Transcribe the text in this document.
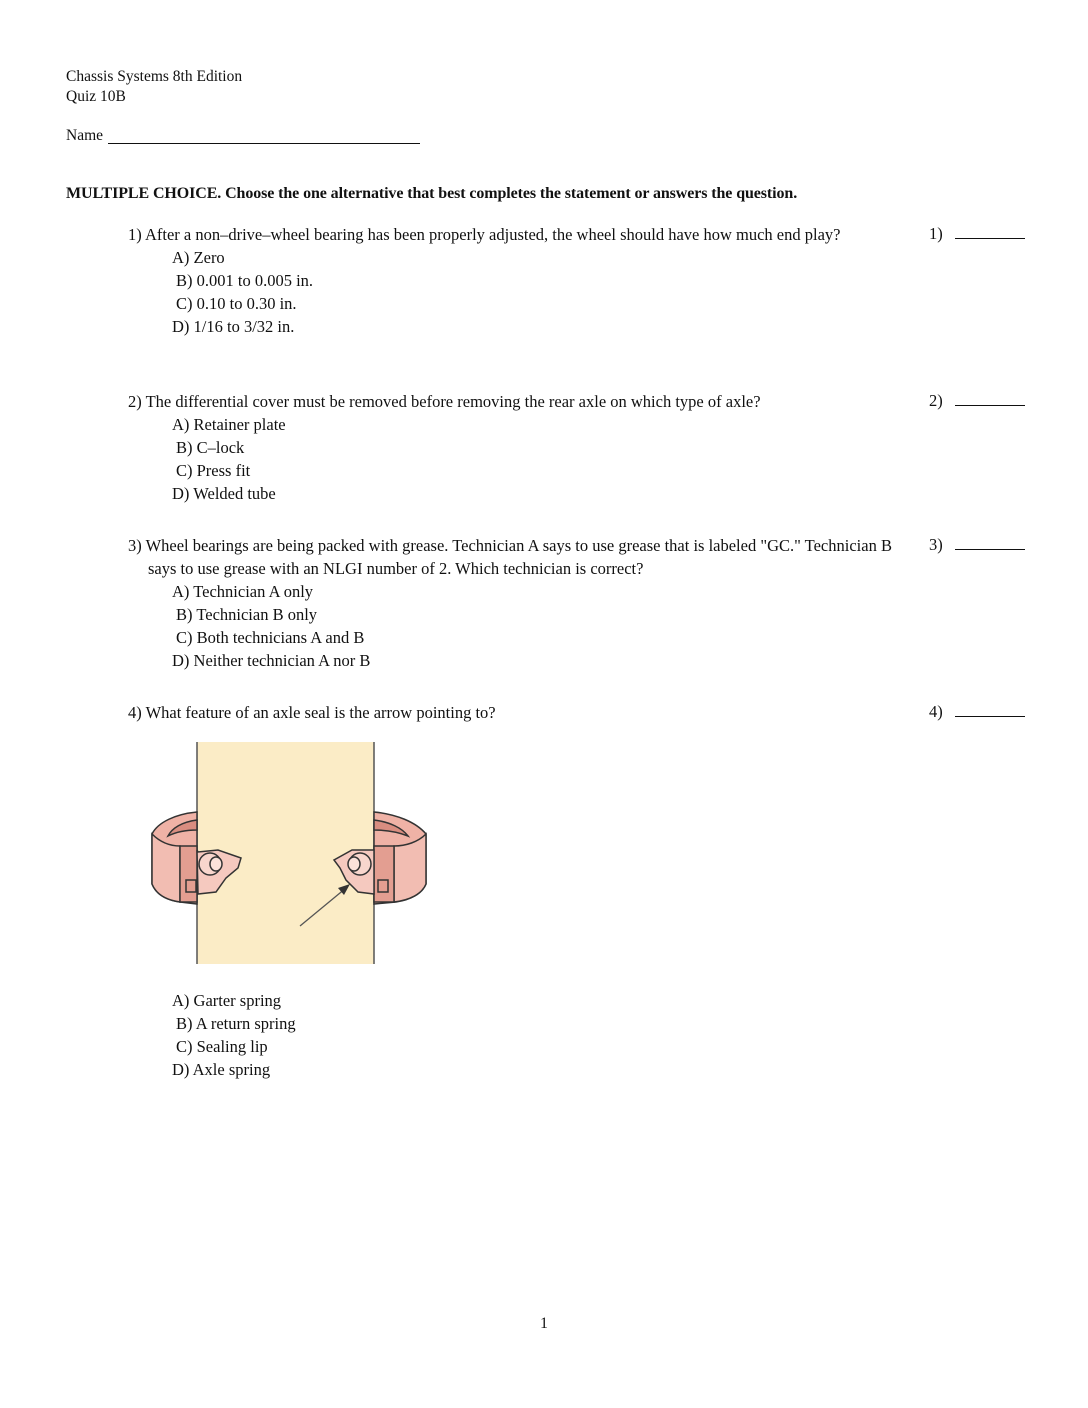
Chassis Systems 8th Edition
Quiz 10B
Name
MULTIPLE CHOICE. Choose the one alternative that best completes the statement or answers the question.
1) After a non–drive–wheel bearing has been properly adjusted, the wheel should have how much end play?
A) Zero
B) 0.001 to 0.005 in.
C) 0.10 to 0.30 in.
D) 1/16 to 3/32 in.
1)
2) The differential cover must be removed before removing the rear axle on which type of axle?
A) Retainer plate
B) C–lock
C) Press fit
D) Welded tube
2)
3) Wheel bearings are being packed with grease. Technician A says to use grease that is labeled "GC." Technician B says to use grease with an NLGI number of 2. Which technician is correct?
A) Technician A only
B) Technician B only
C) Both technicians A and B
D) Neither technician A nor B
3)
4) What feature of an axle seal is the arrow pointing to?	4)
A) Garter spring
B) A return spring
C) Sealing lip
D) Axle spring
1
